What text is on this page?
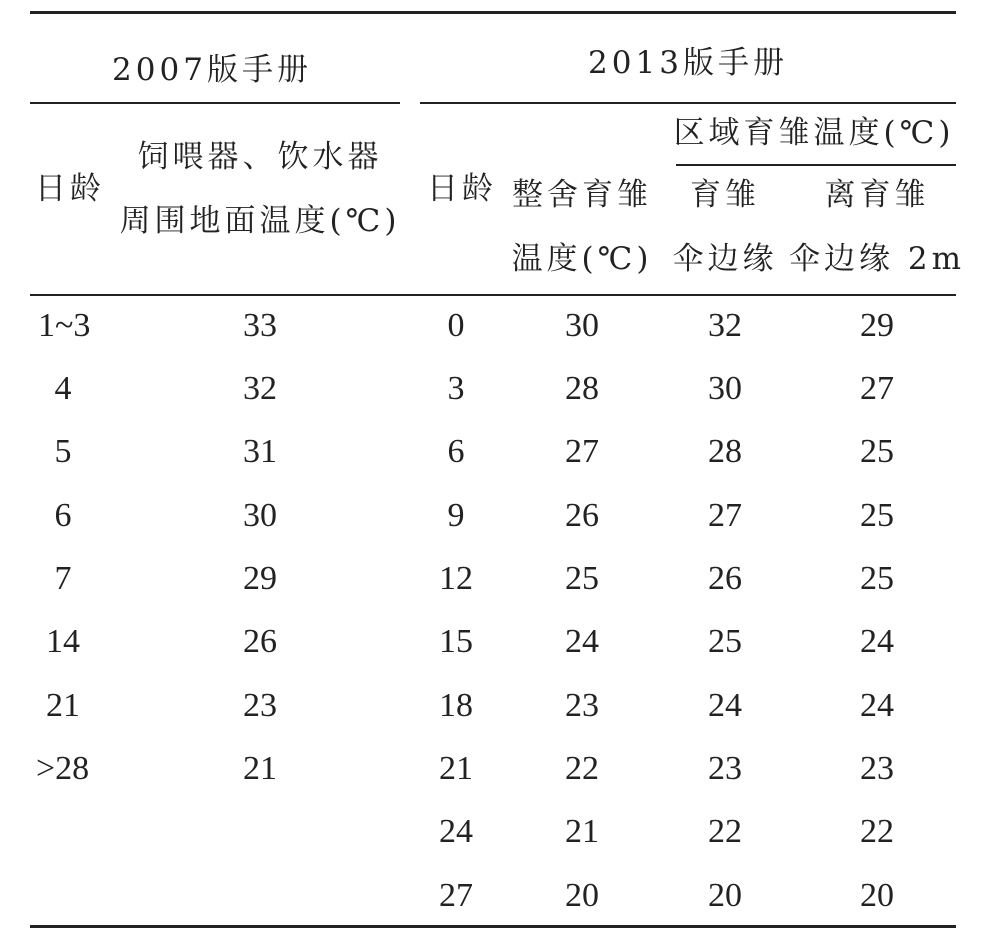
2007版手册	2013版手册
区域育雏温度(℃)
日龄
饲喂器、饮水器
周围地面温度(℃)
日龄 整舍育雏
温度(℃)
育雏
伞边缘
离育雏
伞边缘 2m
1~3
4
5
6
7
14
21
>28
33
32
31
30
29
26
23
21
0
3
6
9
12
15
18
21
24
27
30
28
27
26
25
24
23
22
21
20
32
30
28
27
26
25
24
23
22
20
29
27
25
25
25
24
24
23
22
20
